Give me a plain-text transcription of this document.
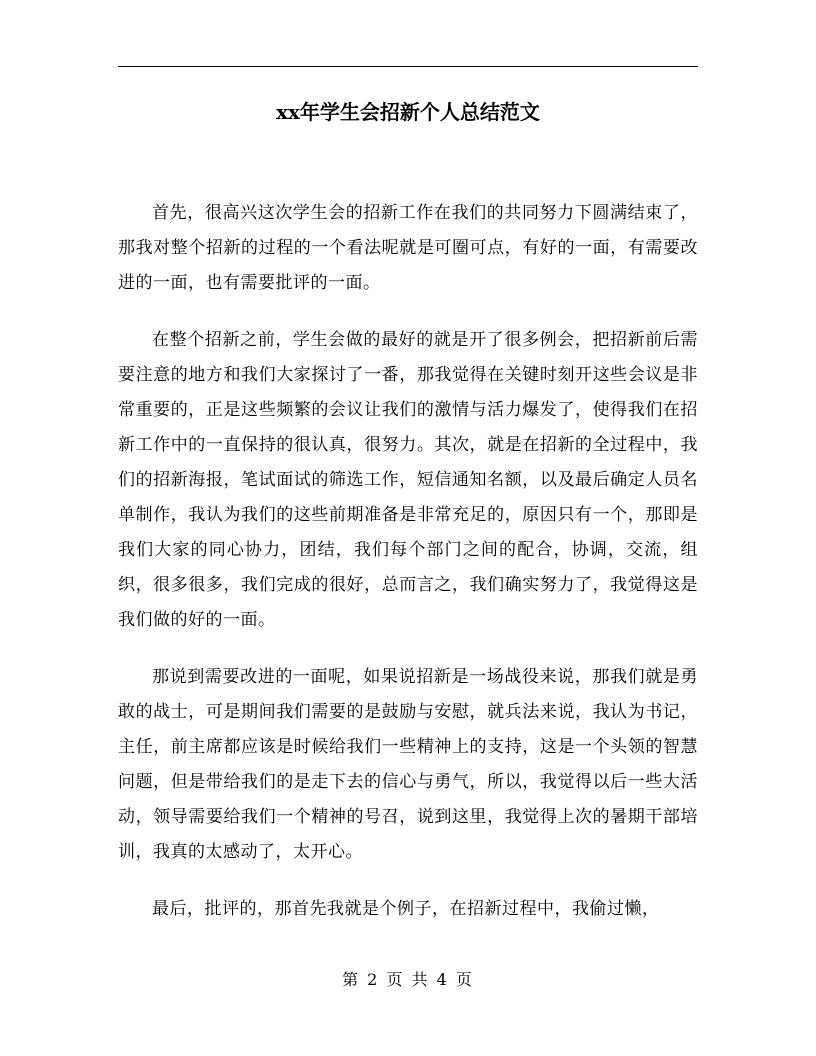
xx年学生会招新个人总结范文

首先，很高兴这次学生会的招新工作在我们的共同努力下圆满结束了，那我对整个招新的过程的一个看法呢就是可圈可点，有好的一面，有需要改进的一面，也有需要批评的一面。

在整个招新之前，学生会做的最好的就是开了很多例会，把招新前后需要注意的地方和我们大家探讨了一番，那我觉得在关键时刻开这些会议是非常重要的，正是这些频繁的会议让我们的激情与活力爆发了，使得我们在招新工作中的一直保持的很认真，很努力。其次，就是在招新的全过程中，我们的招新海报，笔试面试的筛选工作，短信通知名额，以及最后确定人员名单制作，我认为我们的这些前期准备是非常充足的，原因只有一个，那即是我们大家的同心协力，团结，我们每个部门之间的配合，协调，交流，组织，很多很多，我们完成的很好，总而言之，我们确实努力了，我觉得这是我们做的好的一面。

那说到需要改进的一面呢，如果说招新是一场战役来说，那我们就是勇敢的战士，可是期间我们需要的是鼓励与安慰，就兵法来说，我认为书记，主任，前主席都应该是时候给我们一些精神上的支持，这是一个头领的智慧问题，但是带给我们的是走下去的信心与勇气，所以，我觉得以后一些大活动，领导需要给我们一个精神的号召，说到这里，我觉得上次的暑期干部培训，我真的太感动了，太开心。

最后，批评的，那首先我就是个例子，在招新过程中，我偷过懒，

第 2 页 共 4 页
